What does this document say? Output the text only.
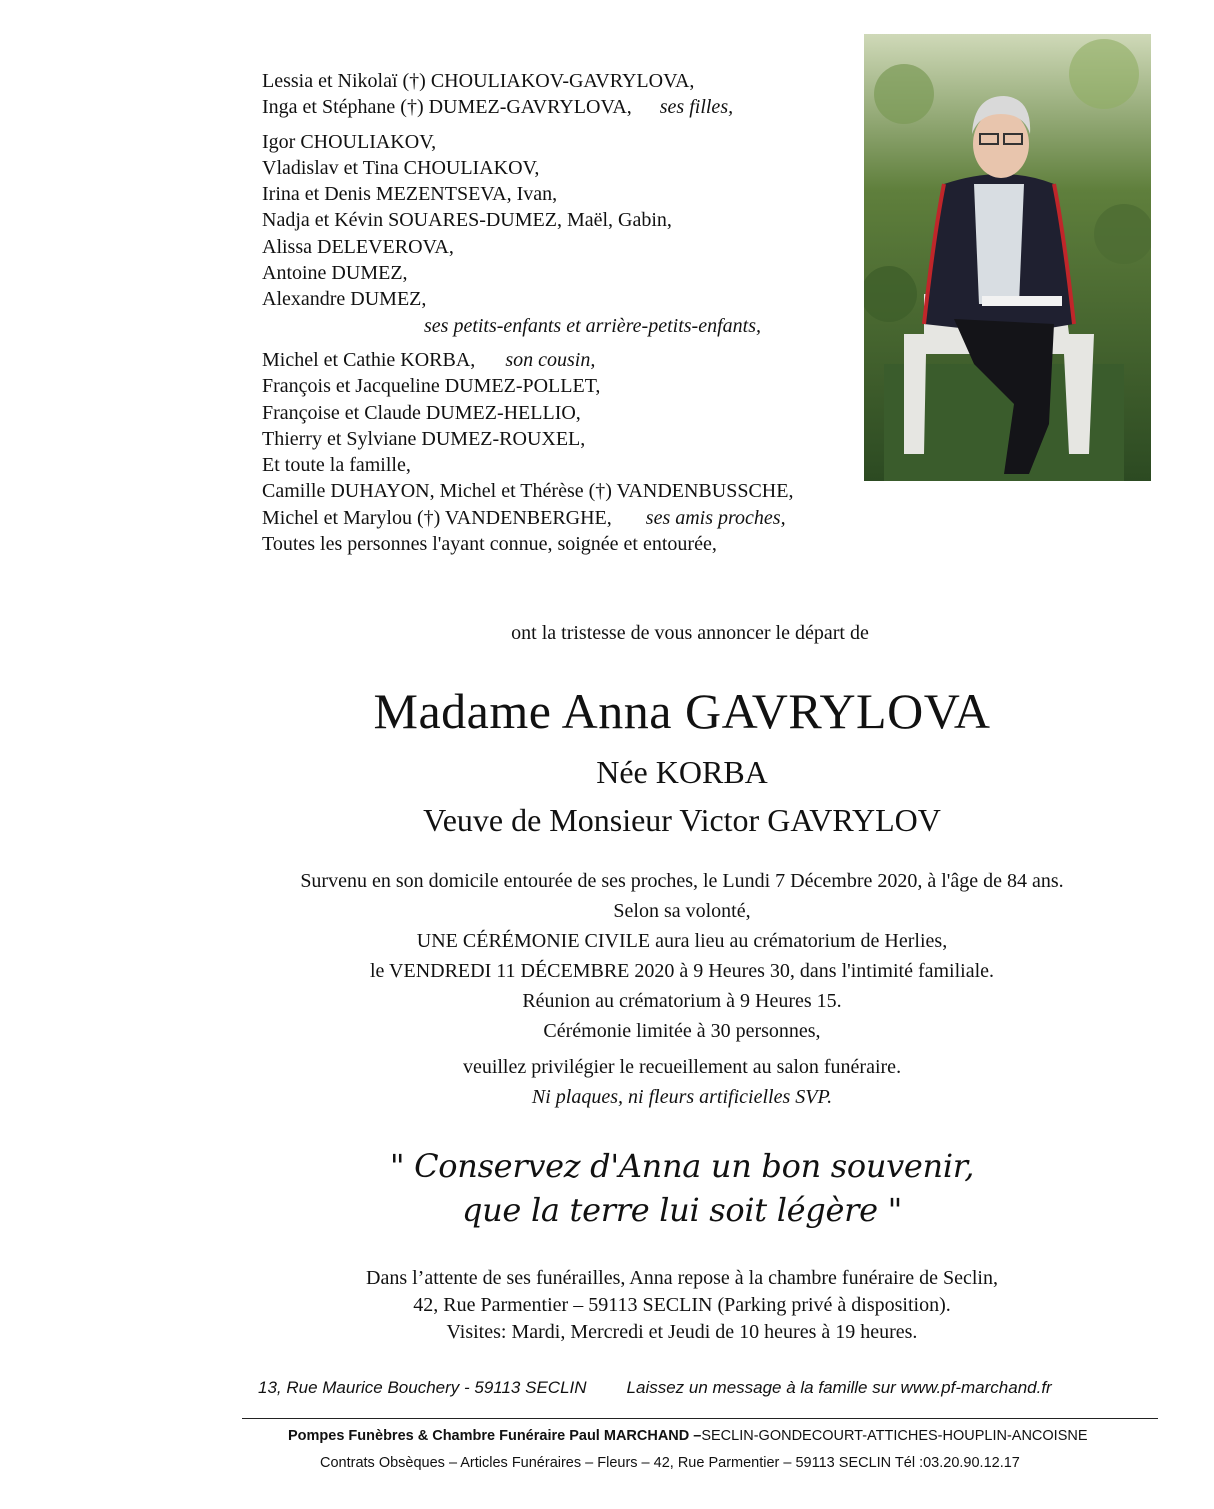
Lessia et Nikolaï (†) CHOULIAKOV-GAVRYLOVA,
Inga et Stéphane (†) DUMEZ-GAVRYLOVA, ses filles,
Igor CHOULIAKOV,
Vladislav et Tina CHOULIAKOV,
Irina et Denis MEZENTSEVA, Ivan,
Nadja et Kévin SOUARES-DUMEZ, Maël, Gabin,
Alissa DELEVEROVA,
Antoine DUMEZ,
Alexandre DUMEZ,
ses petits-enfants et arrière-petits-enfants,
Michel et Cathie KORBA, son cousin,
François et Jacqueline DUMEZ-POLLET,
Françoise et Claude DUMEZ-HELLIO,
Thierry et Sylviane DUMEZ-ROUXEL,
Et toute la famille,
Camille DUHAYON, Michel et Thérèse (†) VANDENBUSSCHE,
Michel et Marylou (†) VANDENBERGHE, ses amis proches,
Toutes les personnes l'ayant connue, soignée et entourée,
ont la tristesse de vous annoncer le départ de
Madame Anna GAVRYLOVA
Née KORBA
Veuve de Monsieur Victor GAVRYLOV
Survenu en son domicile entourée de ses proches, le Lundi 7 Décembre 2020, à l'âge de 84 ans.
Selon sa volonté,
UNE CÉRÉMONIE CIVILE aura lieu au crématorium de Herlies,
le VENDREDI 11 DÉCEMBRE 2020 à 9 Heures 30, dans l'intimité familiale.
Réunion au crématorium à 9 Heures 15.
Cérémonie limitée à 30 personnes,
veuillez privilégier le recueillement au salon funéraire.
Ni plaques, ni fleurs artificielles SVP.
" Conservez d'Anna un bon souvenir,
que la terre lui soit légère "
Dans l’attente de ses funérailles, Anna repose à la chambre funéraire de Seclin,
42, Rue Parmentier – 59113 SECLIN (Parking privé à disposition).
Visites: Mardi, Mercredi et Jeudi de 10 heures à 19 heures.
13, Rue Maurice Bouchery - 59113 SECLIN Laissez un message à la famille sur www.pf-marchand.fr
Pompes Funèbres & Chambre Funéraire Paul MARCHAND –SECLIN-GONDECOURT-ATTICHES-HOUPLIN-ANCOISNE
Contrats Obsèques – Articles Funéraires – Fleurs – 42, Rue Parmentier – 59113 SECLIN Tél :03.20.90.12.17
